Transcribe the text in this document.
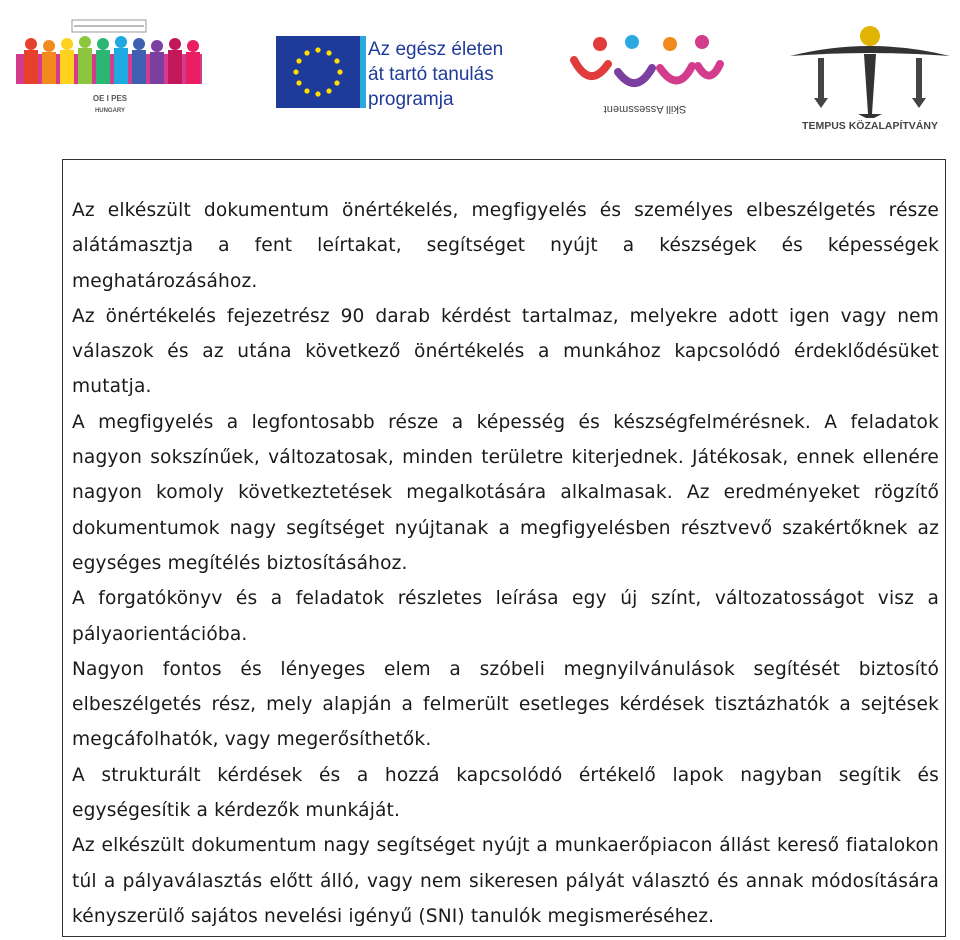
OE I PES
HUNGARY
Az egész életen
át tartó tanulás
programja	Skill Assessment
TEMPUS KÖZALAPÍTVÁNY

Az elkészült dokumentum önértékelés, megfigyelés és személyes elbeszélgetés része alátámasztja a fent leírtakat, segítséget nyújt a készségek és képességek meghatározásához.

Az önértékelés fejezetrész 90 darab kérdést tartalmaz, melyekre adott igen vagy nem válaszok és az utána következő önértékelés a munkához kapcsolódó érdeklődésüket mutatja.

A megfigyelés a legfontosabb része a képesség és készségfelmérésnek. A feladatok nagyon sokszínűek, változatosak, minden területre kiterjednek. Játékosak, ennek ellenére nagyon komoly következtetések megalkotására alkalmasak. Az eredményeket rögzítő dokumentumok nagy segítséget nyújtanak a megfigyelésben résztvevő szakértőknek az egységes megítélés biztosításához.

A forgatókönyv és a feladatok részletes leírása egy új színt, változatosságot visz a pályaorientációba.

Nagyon fontos és lényeges elem a szóbeli megnyilvánulások segítését biztosító elbeszélgetés rész, mely alapján a felmerült esetleges kérdések tisztázhatók a sejtések megcáfolhatók, vagy megerősíthetők.

A strukturált kérdések és a hozzá kapcsolódó értékelő lapok nagyban segítik és egységesítik a kérdezők munkáját.

Az elkészült dokumentum nagy segítséget nyújt a munkaerőpiacon állást kereső fiatalokon túl a pályaválasztás előtt álló, vagy nem sikeresen pályát választó és annak módosítására kényszerülő sajátos nevelési igényű (SNI) tanulók megismeréséhez.
